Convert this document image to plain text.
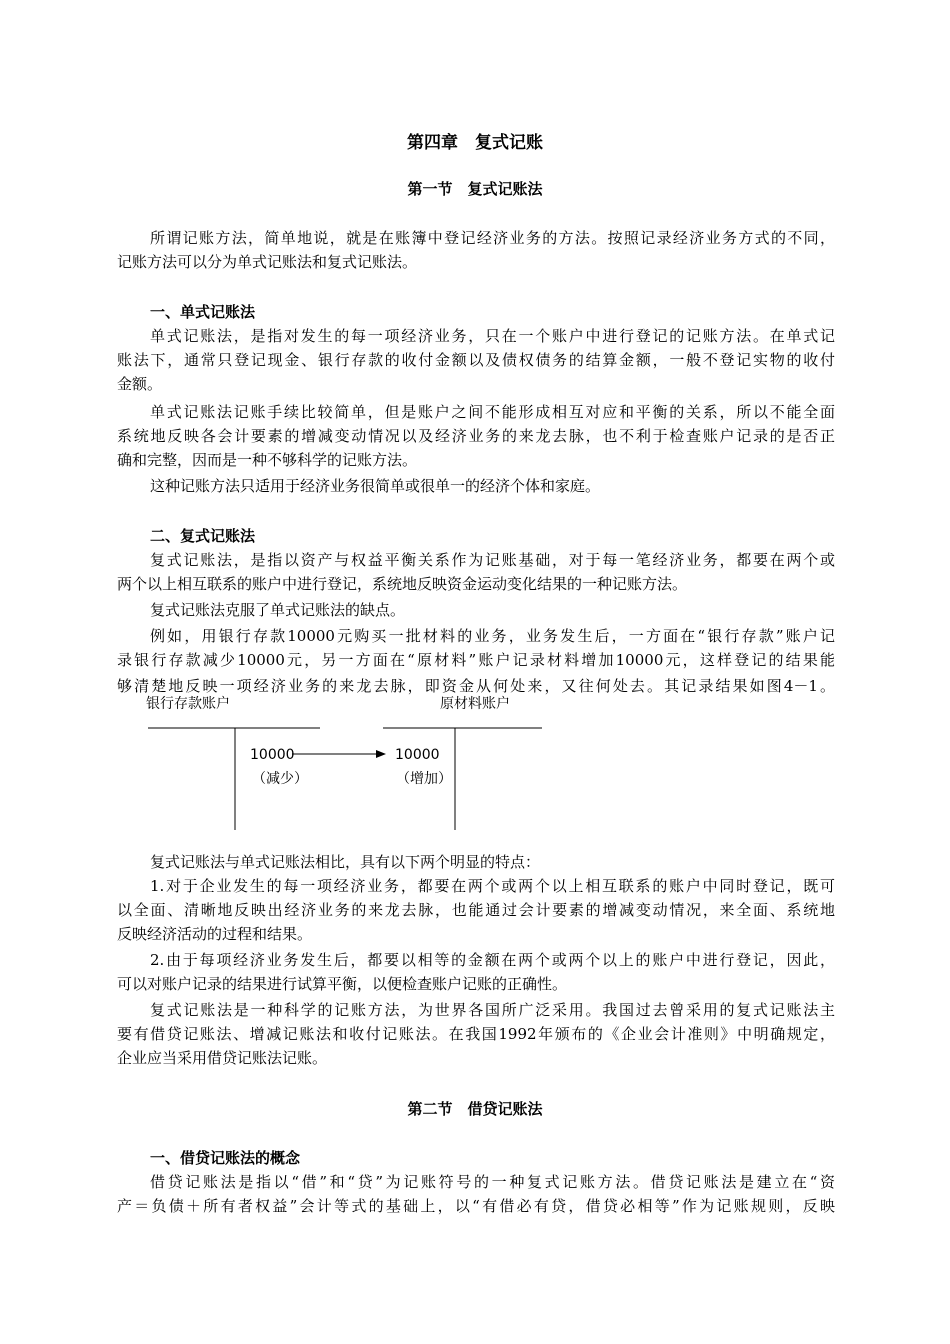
第四章　复式记账
第一节　复式记账法
所谓记账方法，简单地说，就是在账簿中登记经济业务的方法。按照记录经济业务方式的不同，
记账方法可以分为单式记账法和复式记账法。
一、单式记账法
单式记账法，是指对发生的每一项经济业务，只在一个账户中进行登记的记账方法。在单式记
账法下，通常只登记现金、银行存款的收付金额以及债权债务的结算金额，一般不登记实物的收付
金额。
单式记账法记账手续比较简单，但是账户之间不能形成相互对应和平衡的关系，所以不能全面
系统地反映各会计要素的增减变动情况以及经济业务的来龙去脉，也不利于检查账户记录的是否正
确和完整，因而是一种不够科学的记账方法。
这种记账方法只适用于经济业务很简单或很单一的经济个体和家庭。
二、复式记账法
复式记账法，是指以资产与权益平衡关系作为记账基础，对于每一笔经济业务，都要在两个或
两个以上相互联系的账户中进行登记，系统地反映资金运动变化结果的一种记账方法。
复式记账法克服了单式记账法的缺点。
例如，用银行存款10000元购买一批材料的业务，业务发生后，一方面在“银行存款”账户记
录银行存款减少10000元，另一方面在“原材料”账户记录材料增加10000元，这样登记的结果能
够清楚地反映一项经济业务的来龙去脉，即资金从何处来，又往何处去。其记录结果如图4－1。
银行存款账户	原材料账户
10000
（减少）
10000
（增加）
复式记账法与单式记账法相比，具有以下两个明显的特点：
1.对于企业发生的每一项经济业务，都要在两个或两个以上相互联系的账户中同时登记，既可
以全面、清晰地反映出经济业务的来龙去脉，也能通过会计要素的增减变动情况，来全面、系统地
反映经济活动的过程和结果。
2.由于每项经济业务发生后，都要以相等的金额在两个或两个以上的账户中进行登记，因此，
可以对账户记录的结果进行试算平衡，以便检查账户记账的正确性。
复式记账法是一种科学的记账方法，为世界各国所广泛采用。我国过去曾采用的复式记账法主
要有借贷记账法、增减记账法和收付记账法。在我国1992年颁布的《企业会计准则》中明确规定，
企业应当采用借贷记账法记账。
第二节　借贷记账法
一、借贷记账法的概念
借贷记账法是指以“借”和“贷”为记账符号的一种复式记账方法。借贷记账法是建立在“资
产＝负债＋所有者权益”会计等式的基础上，以“有借必有贷，借贷必相等”作为记账规则，反映
